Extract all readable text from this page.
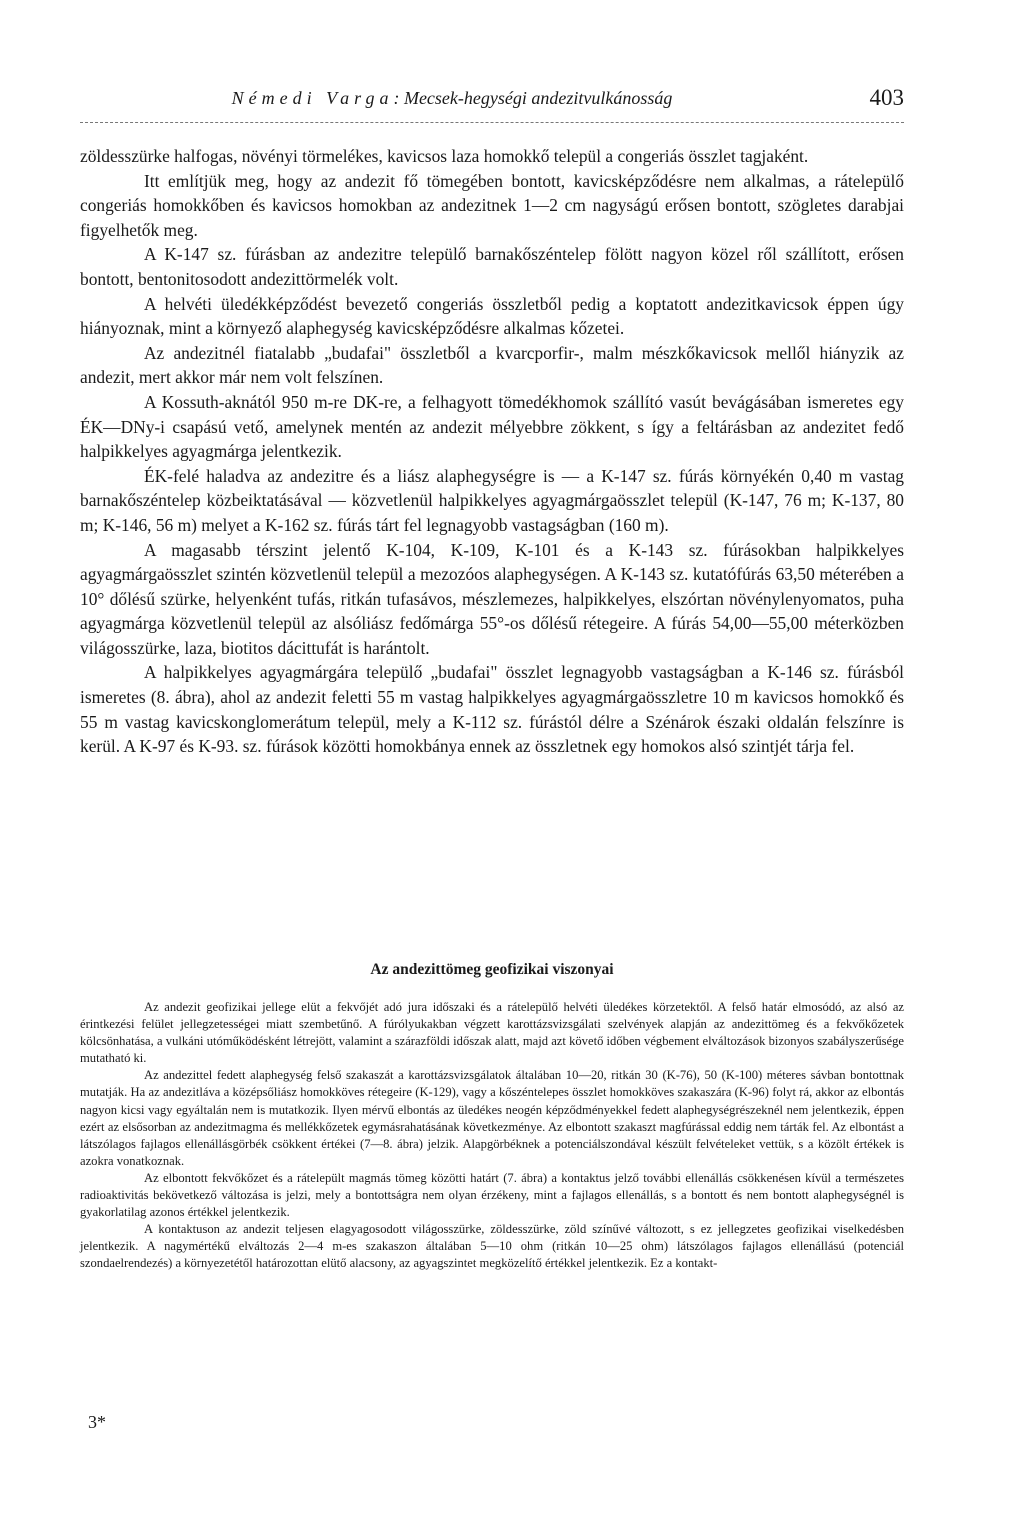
Némedi Varga: Mecsek-hegységi andezitvulkánosság	403

zöldesszürke halfogas, növényi törmelékes, kavicsos laza homokkő települ a congeriás összlet tagjaként.

Itt említjük meg, hogy az andezit fő tömegében bontott, kavicsképződésre nem alkalmas, a rátelepülő congeriás homokkőben és kavicsos homokban az andezitnek 1—2 cm nagyságú erősen bontott, szögletes darabjai figyelhetők meg.

A K-147 sz. fúrásban az andezitre települő barnakőszéntelep fölött nagyon közel ről szállított, erősen bontott, bentonitosodott andezittörmelék volt.

A helvéti üledékképződést bevezető congeriás összletből pedig a koptatott andezitkavicsok éppen úgy hiányoznak, mint a környező alaphegység kavicsképződésre alkalmas kőzetei.

Az andezitnél fiatalabb „budafai" összletből a kvarcporfir-, malm mészkőkavicsok mellől hiányzik az andezit, mert akkor már nem volt felszínen.

A Kossuth-aknától 950 m-re DK-re, a felhagyott tömedékhomok szállító vasút bevágásában ismeretes egy ÉK—DNy-i csapású vető, amelynek mentén az andezit mélyebbre zökkent, s így a feltárásban az andezitet fedő halpikkelyes agyagmárga jelentkezik.

ÉK-felé haladva az andezitre és a liász alaphegységre is — a K-147 sz. fúrás környékén 0,40 m vastag barnakőszéntelep közbeiktatásával — közvetlenül halpikkelyes agyagmárgaösszlet települ (K-147, 76 m; K-137, 80 m; K-146, 56 m) melyet a K-162 sz. fúrás tárt fel legnagyobb vastagságban (160 m).

A magasabb térszint jelentő K-104, K-109, K-101 és a K-143 sz. fúrásokban halpikkelyes agyagmárgaösszlet szintén közvetlenül települ a mezozóos alaphegységen. A K-143 sz. kutatófúrás 63,50 méterében a 10° dőlésű szürke, helyenként tufás, ritkán tufasávos, mészlemezes, halpikkelyes, elszórtan növénylenyomatos, puha agyagmárga közvetlenül települ az alsóliász fedőmárga 55°-os dőlésű rétegeire. A fúrás 54,00—55,00 méterközben világosszürke, laza, biotitos dácittufát is harántolt.

A halpikkelyes agyagmárgára települő „budafai" összlet legnagyobb vastagságban a K-146 sz. fúrásból ismeretes (8. ábra), ahol az andezit feletti 55 m vastag halpikkelyes agyagmárgaösszletre 10 m kavicsos homokkő és 55 m vastag kavicskonglomerátum települ, mely a K-112 sz. fúrástól délre a Szénárok északi oldalán felszínre is kerül. A K-97 és K-93. sz. fúrások közötti homokbánya ennek az összletnek egy homokos alsó szintjét tárja fel.

Az andezittömeg geofizikai viszonyai

Az andezit geofizikai jellege elüt a fekvőjét adó jura időszaki és a rátelepülő helvéti üledékes körzetektől. A felső határ elmosódó, az alsó az érintkezési felület jellegzetességei miatt szembetűnő. A fúrólyukakban végzett karottázsvizsgálati szelvények alapján az andezittömeg és a fekvőkőzetek kölcsönhatása, a vulkáni utóműködésként létrejött, valamint a szárazföldi időszak alatt, majd azt követő időben végbement elváltozások bizonyos szabályszerűsége mutatható ki.

Az andezittel fedett alaphegység felső szakaszát a karottázsvizsgálatok általában 10—20, ritkán 30 (K-76), 50 (K-100) méteres sávban bontottnak mutatják. Ha az andezitláva a középsőliász homokköves rétegeire (K-129), vagy a kőszéntelepes összlet homokköves szakaszára (K-96) folyt rá, akkor az elbontás nagyon kicsi vagy egyáltalán nem is mutatkozik. Ilyen mérvű elbontás az üledékes neogén képződményekkel fedett alaphegységrészeknél nem jelentkezik, éppen ezért az elsősorban az andezitmagma és mellékkőzetek egymásrahatásának következménye. Az elbontott szakaszt magfúrással eddig nem tárták fel. Az elbontást a látszólagos fajlagos ellenállásgörbék csökkent értékei (7—8. ábra) jelzik. Alapgörbéknek a potenciálszondával készült felvételeket vettük, s a közölt értékek is azokra vonatkoznak.

Az elbontott fekvőkőzet és a rátelepült magmás tömeg közötti határt (7. ábra) a kontaktus jelző további ellenállás csökkenésen kívül a természetes radioaktivitás bekövetkező változása is jelzi, mely a bontottságra nem olyan érzékeny, mint a fajlagos ellenállás, s a bontott és nem bontott alaphegységnél is gyakorlatilag azonos értékkel jelentkezik.

A kontaktuson az andezit teljesen elagyagosodott világosszürke, zöldesszürke, zöld színűvé változott, s ez jellegzetes geofizikai viselkedésben jelentkezik. A nagymértékű elváltozás 2—4 m-es szakaszon általában 5—10 ohm (ritkán 10—25 ohm) látszólagos fajlagos ellenállású (potenciál szondaelrendezés) a környezetétől határozottan elütő alacsony, az agyagszintet megközelítő értékkel jelentkezik. Ez a kontakt-

3*
